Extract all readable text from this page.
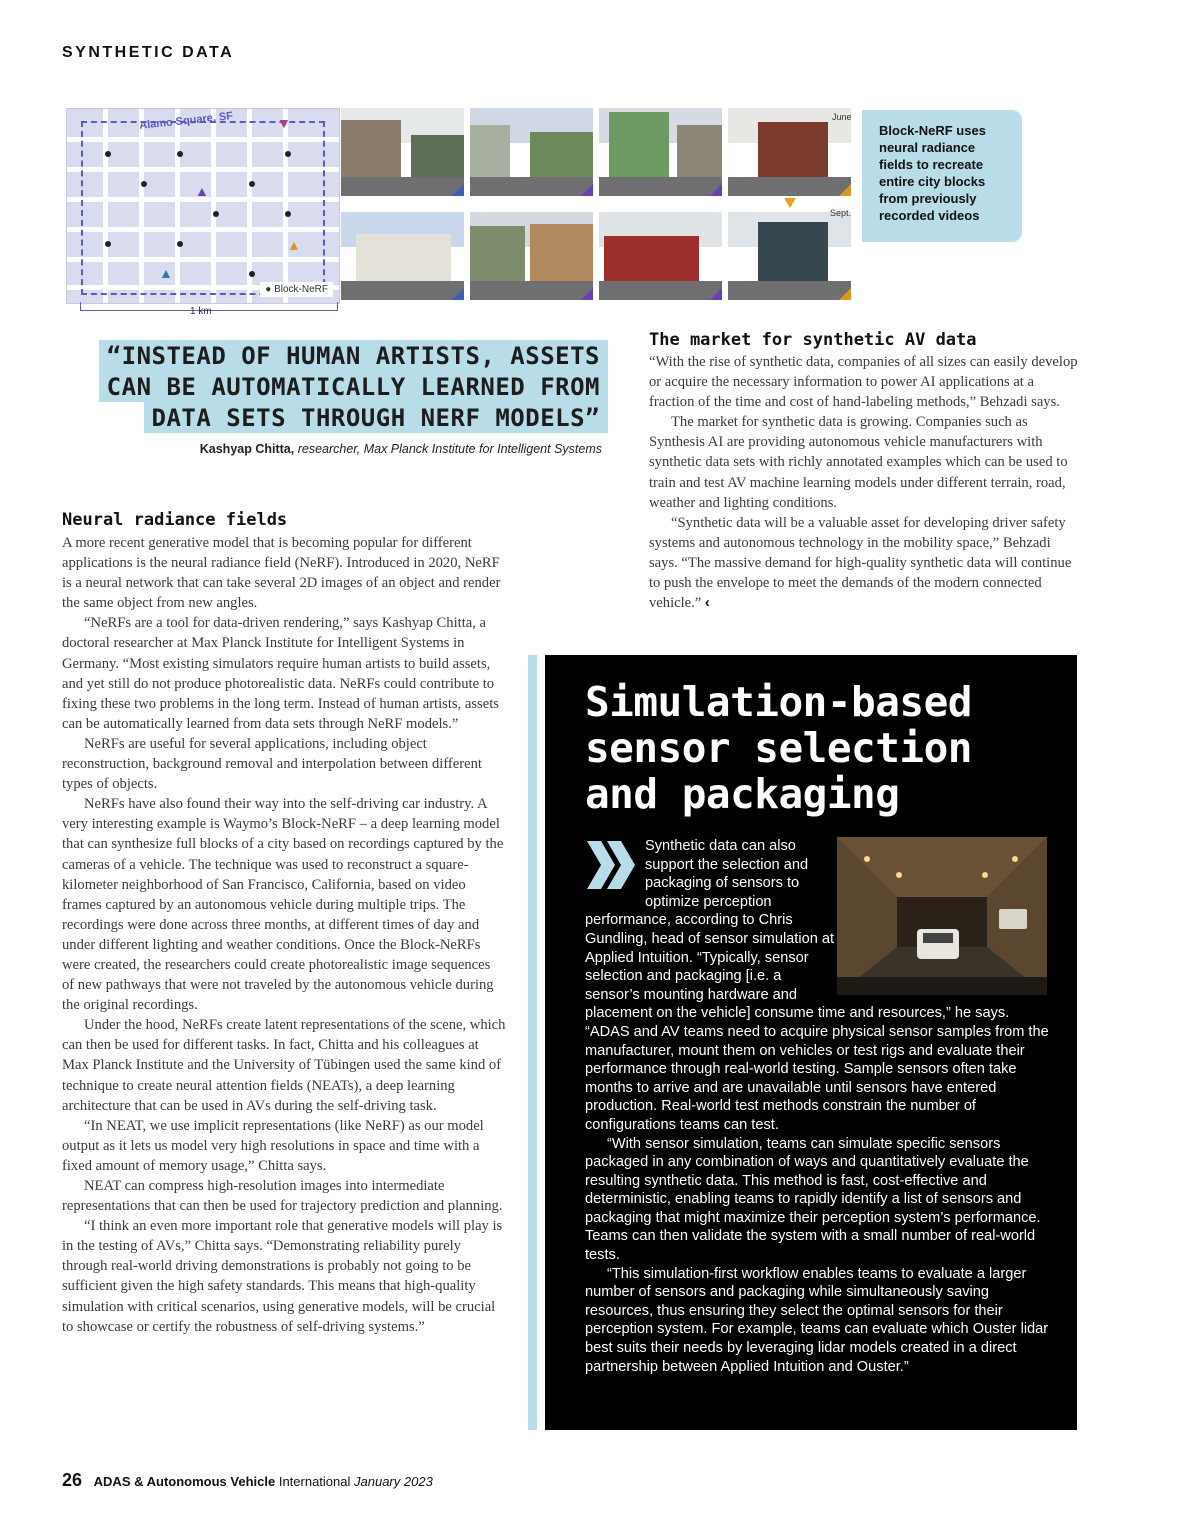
SYNTHETIC DATA
▲
▲
▲
▼
Alamo Square, SF
● Block-NeRF
1 km
June
Sept.

Block-NeRF uses neural radiance fields to recreate entire city blocks from previously recorded videos

“INSTEAD OF HUMAN ARTISTS, ASSETS
CAN BE AUTOMATICALLY LEARNED FROM
DATA SETS THROUGH NERF MODELS”
Kashyap Chitta, researcher, Max Planck Institute for Intelligent Systems
Neural radiance fields

A more recent generative model that is becoming popular for different applications is the neural radiance field (NeRF). Introduced in 2020, NeRF is a neural network that can take several 2D images of an object and render the same object from new angles.

“NeRFs are a tool for data-driven rendering,” says Kashyap Chitta, a doctoral researcher at Max Planck Institute for Intelligent Systems in Germany. “Most existing simulators require human artists to build assets, and yet still do not produce photorealistic data. NeRFs could contribute to fixing these two problems in the long term. Instead of human artists, assets can be automatically learned from data sets through NeRF models.”

NeRFs are useful for several applications, including object reconstruction, background removal and interpolation between different types of objects.

NeRFs have also found their way into the self-driving car industry. A very interesting example is Waymo’s Block-NeRF – a deep learning model that can synthesize full blocks of a city based on recordings captured by the cameras of a vehicle. The technique was used to reconstruct a square-kilometer neighborhood of San Francisco, California, based on video frames captured by an autonomous vehicle during multiple trips. The recordings were done across three months, at different times of day and under different lighting and weather conditions. Once the Block-NeRFs were created, the researchers could create photorealistic image sequences of new pathways that were not traveled by the autonomous vehicle during the original recordings.

Under the hood, NeRFs create latent representations of the scene, which can then be used for different tasks. In fact, Chitta and his colleagues at Max Planck Institute and the University of Tübingen used the same kind of technique to create neural attention fields (NEATs), a deep learning architecture that can be used in AVs during the self-driving task.

“In NEAT, we use implicit representations (like NeRF) as our model output as it lets us model very high resolutions in space and time with a fixed amount of memory usage,” Chitta says.

NEAT can compress high-resolution images into intermediate representations that can then be used for trajectory prediction and planning.

“I think an even more important role that generative models will play is in the testing of AVs,” Chitta says. “Demonstrating reliability purely through real-world driving demonstrations is probably not going to be sufficient given the high safety standards. This means that high-quality simulation with critical scenarios, using generative models, will be crucial to showcase or certify the robustness of self-driving systems.”

The market for synthetic AV data

“With the rise of synthetic data, companies of all sizes can easily develop or acquire the necessary information to power AI applications at a fraction of the time and cost of hand-labeling methods,” Behzadi says.

The market for synthetic data is growing. Companies such as Synthesis AI are providing autonomous vehicle manufacturers with synthetic data sets with richly annotated examples which can be used to train and test AV machine learning models under different terrain, road, weather and lighting conditions.

“Synthetic data will be a valuable asset for developing driver safety systems and autonomous technology in the mobility space,” Behzadi says. “The massive demand for high-quality synthetic data will continue to push the envelope to meet the demands of the modern connected vehicle.” ‹

Simulation-based
sensor selection
and packaging

Synthetic data can also support the selection and packaging of sensors to optimize perception performance, according to Chris Gundling, head of sensor simulation at Applied Intuition. “Typically, sensor selection and packaging [i.e. a sensor’s mounting hardware and placement on the vehicle] consume time and resources,” he says. “ADAS and AV teams need to acquire physical sensor samples from the manufacturer, mount them on vehicles or test rigs and evaluate their performance through real-world testing. Sample sensors often take months to arrive and are unavailable until sensors have entered production. Real-world test methods constrain the number of configurations teams can test.

“With sensor simulation, teams can simulate specific sensors packaged in any combination of ways and quantitatively evaluate the resulting synthetic data. This method is fast, cost-effective and deterministic, enabling teams to rapidly identify a list of sensors and packaging that might maximize their perception system’s performance. Teams can then validate the system with a small number of real-world tests.

“This simulation-first workflow enables teams to evaluate a larger number of sensors and packaging while simultaneously saving resources, thus ensuring they select the optimal sensors for their perception system. For example, teams can evaluate which Ouster lidar best suits their needs by leveraging lidar models created in a direct partnership between Applied Intuition and Ouster.”

26 ADAS & Autonomous Vehicle International January 2023
